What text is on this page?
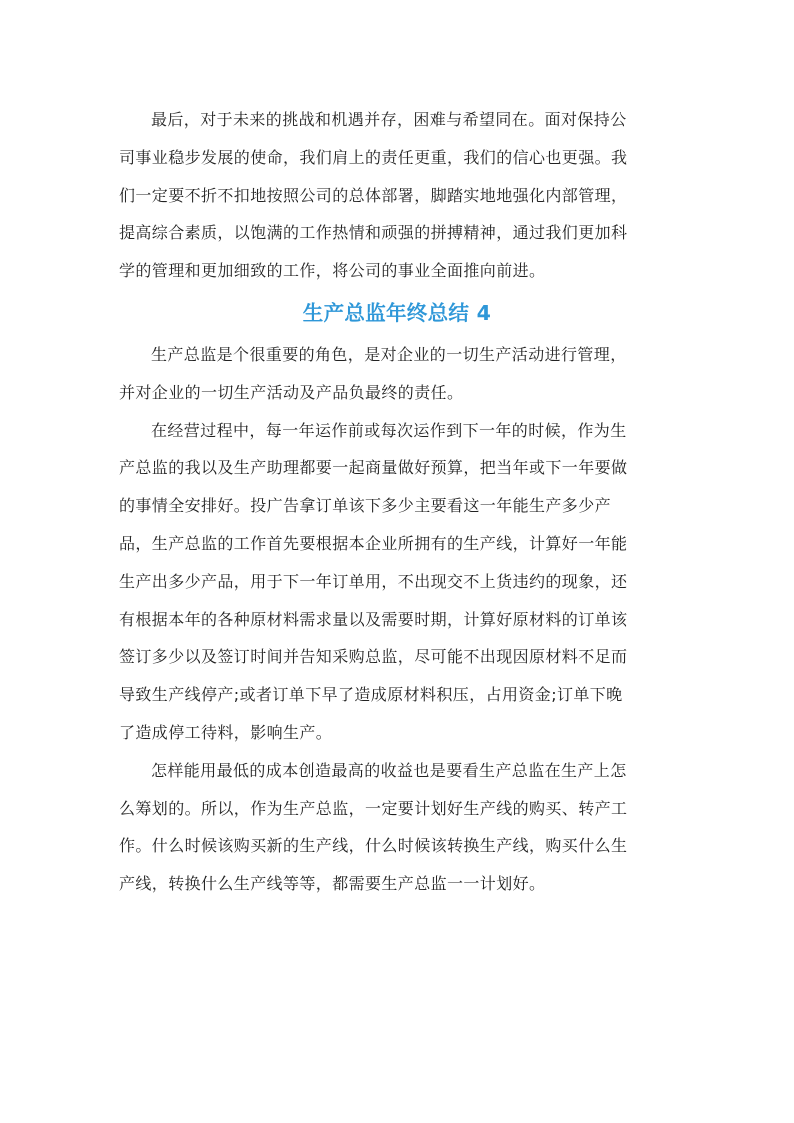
最后，对于未来的挑战和机遇并存，困难与希望同在。面对保持公
司事业稳步发展的使命，我们肩上的责任更重，我们的信心也更强。我
们一定要不折不扣地按照公司的总体部署，脚踏实地地强化内部管理，
提高综合素质，以饱满的工作热情和顽强的拼搏精神，通过我们更加科
学的管理和更加细致的工作，将公司的事业全面推向前进。

生产总监年终总结 4

生产总监是个很重要的角色，是对企业的一切生产活动进行管理，
并对企业的一切生产活动及产品负最终的责任。

在经营过程中，每一年运作前或每次运作到下一年的时候，作为生
产总监的我以及生产助理都要一起商量做好预算，把当年或下一年要做
的事情全安排好。投广告拿订单该下多少主要看这一年能生产多少产
品，生产总监的工作首先要根据本企业所拥有的生产线，计算好一年能
生产出多少产品，用于下一年订单用，不出现交不上货违约的现象，还
有根据本年的各种原材料需求量以及需要时期，计算好原材料的订单该
签订多少以及签订时间并告知采购总监，尽可能不出现因原材料不足而
导致生产线停产;或者订单下早了造成原材料积压，占用资金;订单下晚
了造成停工待料，影响生产。

怎样能用最低的成本创造最高的收益也是要看生产总监在生产上怎
么筹划的。所以，作为生产总监，一定要计划好生产线的购买、转产工
作。什么时候该购买新的生产线，什么时候该转换生产线，购买什么生
产线，转换什么生产线等等，都需要生产总监一一计划好。
